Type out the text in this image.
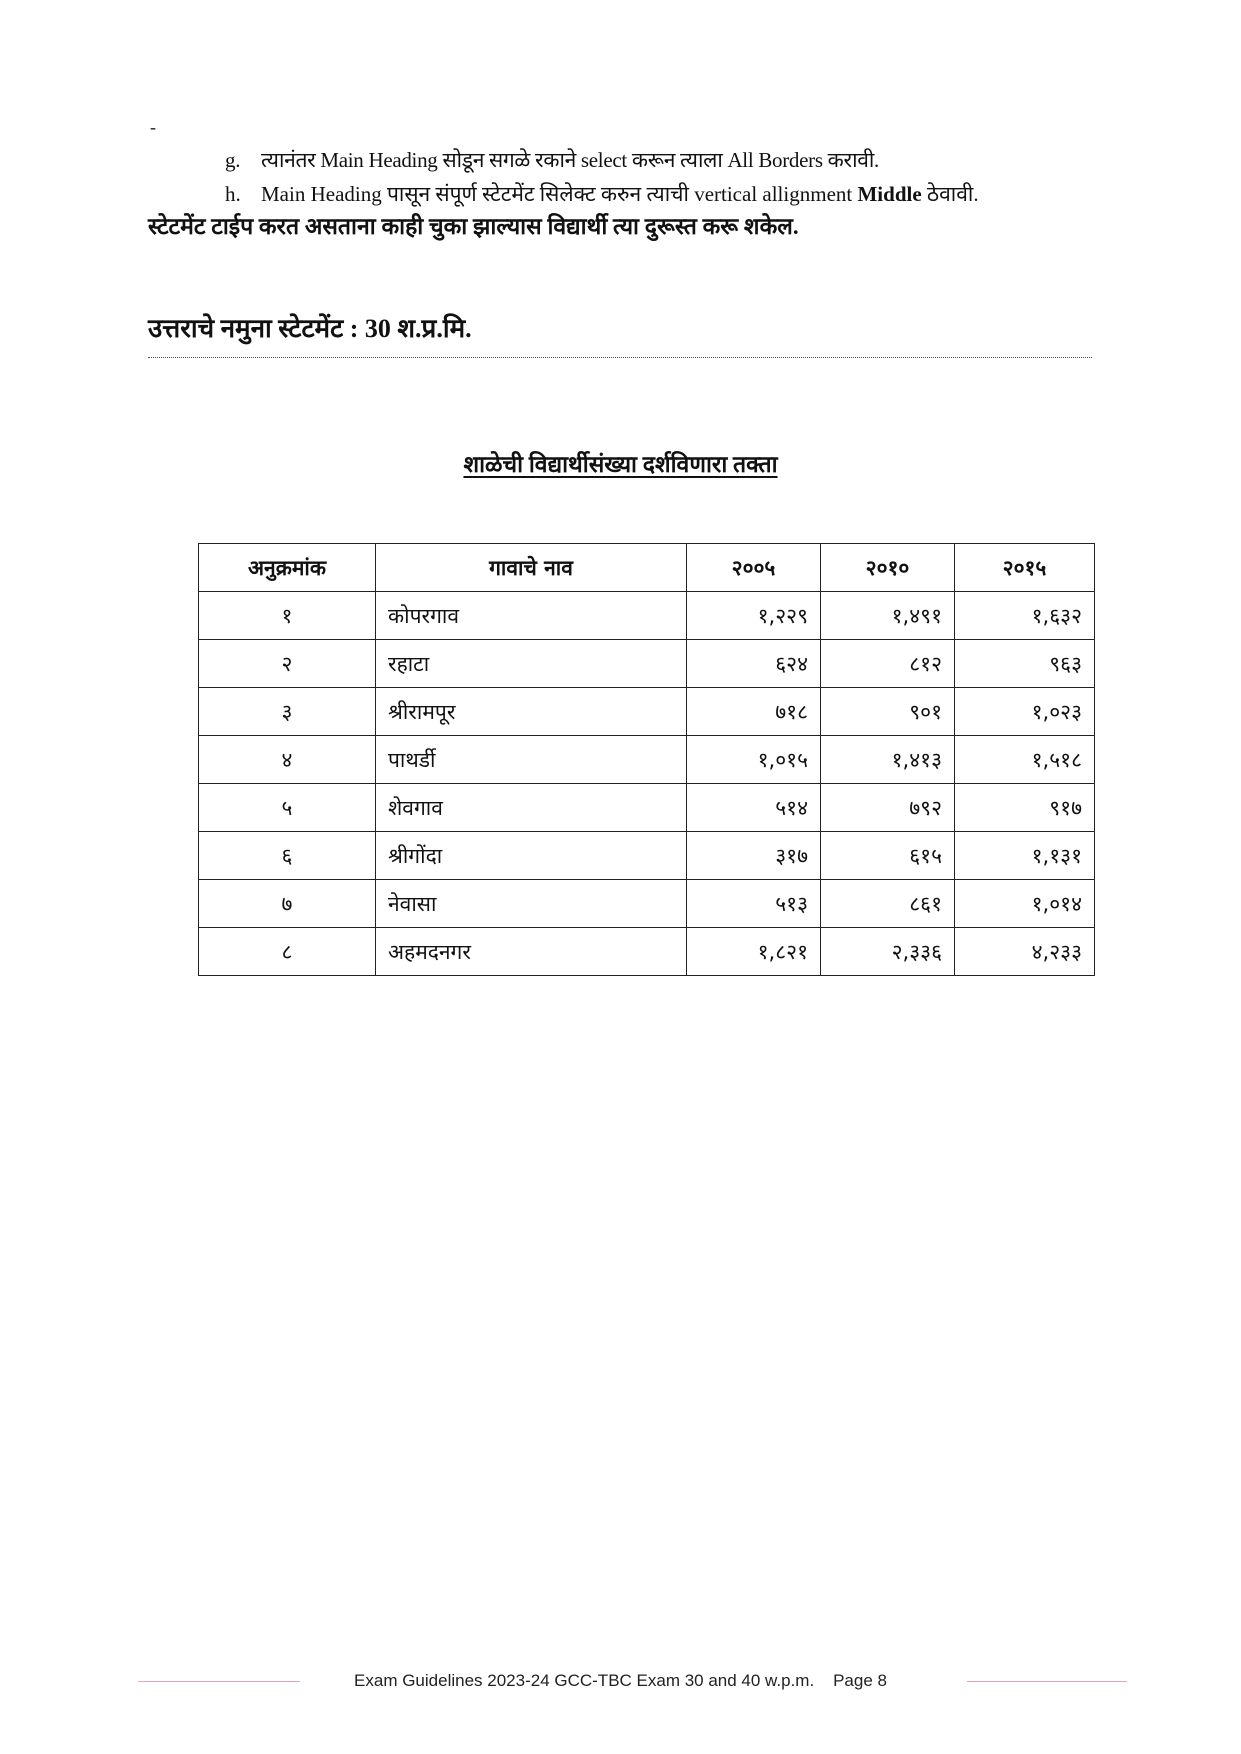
-
g. त्यानंतर Main Heading सोडून सगळे रकाने select करून त्याला All Borders करावी.
h. Main Heading पासून संपूर्ण स्टेटमेंट सिलेक्ट करुन त्याची vertical allignment Middle ठेवावी.
स्टेटमेंट टाईप करत असताना काही चुका झाल्यास विद्यार्थी त्या दुरूस्त करू शकेल.
उत्तराचे नमुना स्टेटमेंट : 30 श.प्र.मि.
शाळेची विद्यार्थीसंख्या दर्शविणारा तक्ता
अनुक्रमांक	गावाचे नाव	२००५	२०१०	२०१५
१	कोपरगाव	१,२२९	१,४९१	१,६३२
२	रहाटा	६२४	८१२	९६३
३	श्रीरामपूर	७१८	९०१	१,०२३
४	पाथर्डी	१,०१५	१,४१३	१,५१८
५	शेवगाव	५१४	७९२	९१७
६	श्रीगोंदा	३१७	६१५	१,१३१
७	नेवासा	५१३	८६१	१,०१४
८	अहमदनगर	१,८२१	२,३३६	४,२३३
Exam Guidelines 2023-24 GCC-TBC Exam 30 and 40 w.p.m.    Page 8
